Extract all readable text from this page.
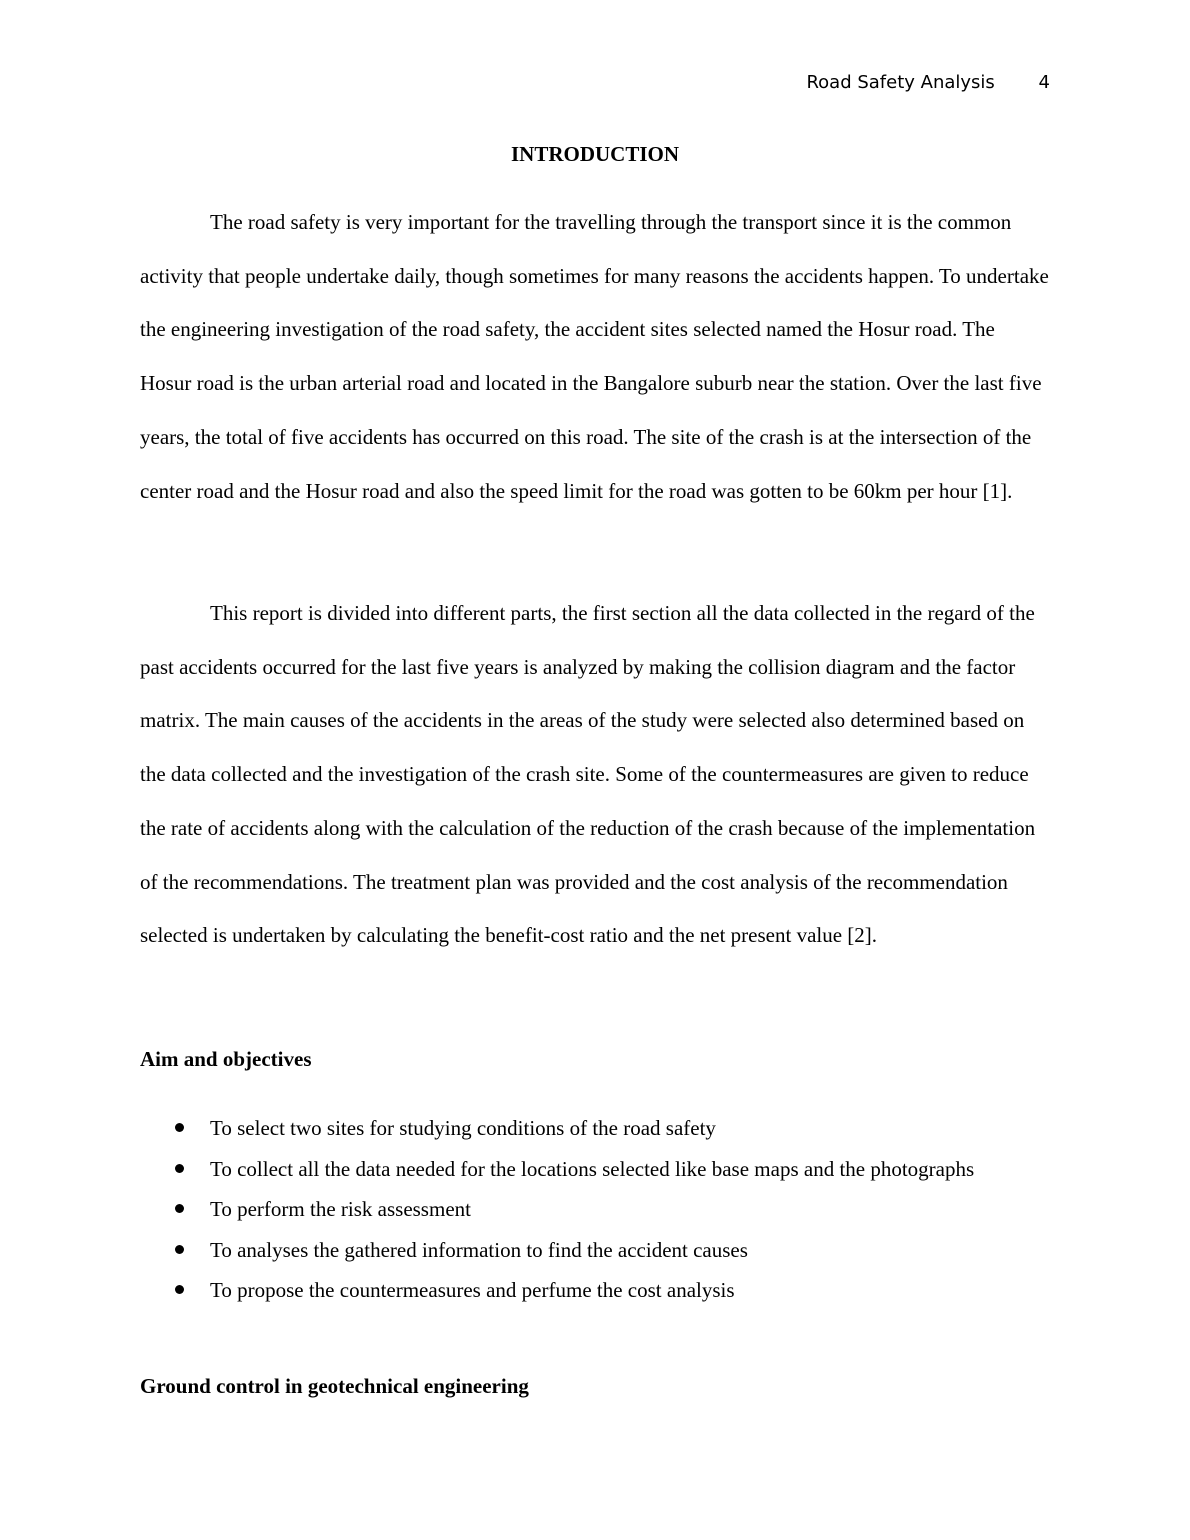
Road Safety Analysis 4
INTRODUCTION

The road safety is very important for the travelling through the transport since it is the common activity that people undertake daily, though sometimes for many reasons the accidents happen. To undertake the engineering investigation of the road safety, the accident sites selected named the Hosur road. The Hosur road is the urban arterial road and located in the Bangalore suburb near the station. Over the last five years, the total of five accidents has occurred on this road. The site of the crash is at the intersection of the center road and the Hosur road and also the speed limit for the road was gotten to be 60km per hour [1].

This report is divided into different parts, the first section all the data collected in the regard of the past accidents occurred for the last five years is analyzed by making the collision diagram and the factor matrix. The main causes of the accidents in the areas of the study were selected also determined based on the data collected and the investigation of the crash site. Some of the countermeasures are given to reduce the rate of accidents along with the calculation of the reduction of the crash because of the implementation of the recommendations. The treatment plan was provided and the cost analysis of the recommendation selected is undertaken by calculating the benefit-cost ratio and the net present value [2].

Aim and objectives
To select two sites for studying conditions of the road safety
To collect all the data needed for the locations selected like base maps and the photographs
To perform the risk assessment
To analyses the gathered information to find the accident causes
To propose the countermeasures and perfume the cost analysis
Ground control in geotechnical engineering
